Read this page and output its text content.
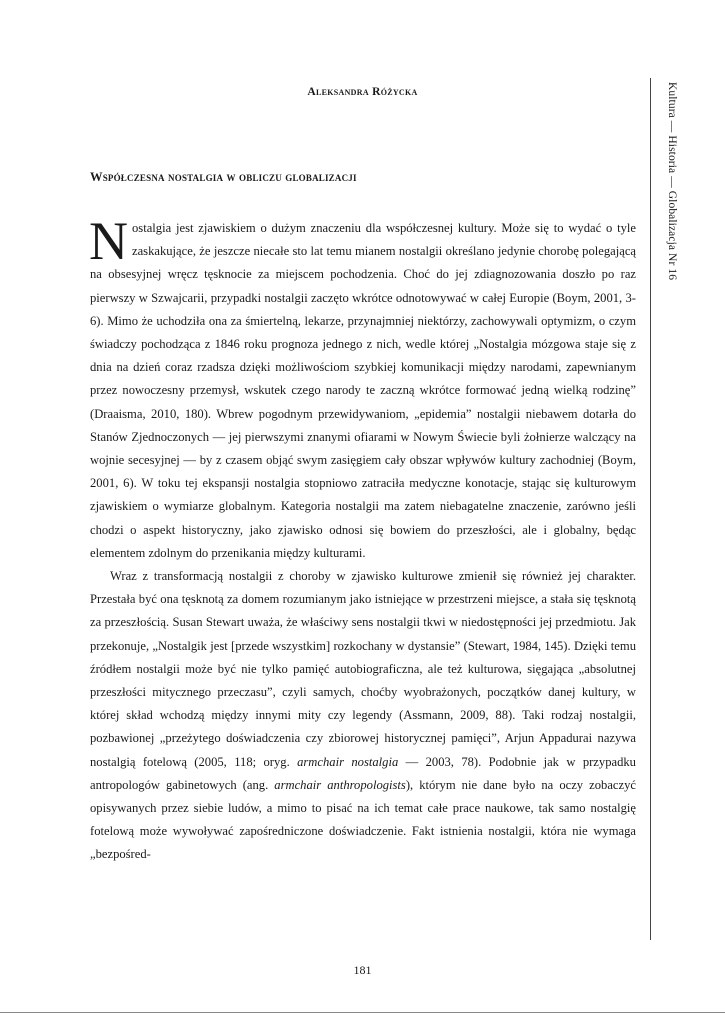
Aleksandra Różycka	Kultura — Historia — Globalizacja Nr 16
Współczesna nostalgia w obliczu globalizacji

Nostalgia jest zjawiskiem o dużym znaczeniu dla współczesnej kultury. Może się to wydać o tyle zaskakujące, że jeszcze niecałe sto lat temu mianem nostalgii określano jedynie chorobę polegającą na obsesyjnej wręcz tęsknocie za miejscem pochodzenia. Choć do jej zdiagnozowania doszło po raz pierwszy w Szwajcarii, przypadki nostalgii zaczęto wkrótce odnotowywać w całej Europie (Boym, 2001, 3-6). Mimo że uchodziła ona za śmiertelną, lekarze, przynajmniej niektórzy, zachowywali optymizm, o czym świadczy pochodząca z 1846 roku prognoza jednego z nich, wedle której „Nostalgia mózgowa staje się z dnia na dzień coraz rzadsza dzięki możliwościom szybkiej komunikacji między narodami, zapewnianym przez nowoczesny przemysł, wskutek czego narody te zaczną wkrótce formować jedną wielką rodzinę” (Draaisma, 2010, 180). Wbrew pogodnym przewidywaniom, „epidemia” nostalgii niebawem dotarła do Stanów Zjednoczonych — jej pierwszymi znanymi ofiarami w Nowym Świecie byli żołnierze walczący na wojnie secesyjnej — by z czasem objąć swym zasięgiem cały obszar wpływów kultury zachodniej (Boym, 2001, 6). W toku tej ekspansji nostalgia stopniowo zatraciła medyczne konotacje, stając się kulturowym zjawiskiem o wymiarze globalnym. Kategoria nostalgii ma zatem niebagatelne znaczenie, zarówno jeśli chodzi o aspekt historyczny, jako zjawisko odnosi się bowiem do przeszłości, ale i globalny, będąc elementem zdolnym do przenikania między kulturami.

Wraz z transformacją nostalgii z choroby w zjawisko kulturowe zmienił się również jej charakter. Przestała być ona tęsknotą za domem rozumianym jako istniejące w przestrzeni miejsce, a stała się tęsknotą za przeszłością. Susan Stewart uważa, że właściwy sens nostalgii tkwi w niedostępności jej przedmiotu. Jak przekonuje, „Nostalgik jest [przede wszystkim] rozkochany w dystansie” (Stewart, 1984, 145). Dzięki temu źródłem nostalgii może być nie tylko pamięć autobiograficzna, ale też kulturowa, sięgająca „absolutnej przeszłości mitycznego przeczasu”, czyli samych, choćby wyobrażonych, początków danej kultury, w której skład wchodzą między innymi mity czy legendy (Assmann, 2009, 88). Taki rodzaj nostalgii, pozbawionej „przeżytego doświadczenia czy zbiorowej historycznej pamięci”, Arjun Appadurai nazywa nostalgią fotelową (2005, 118; oryg. armchair nostalgia — 2003, 78). Podobnie jak w przypadku antropologów gabinetowych (ang. armchair anthropologists), którym nie dane było na oczy zobaczyć opisywanych przez siebie ludów, a mimo to pisać na ich temat całe prace naukowe, tak samo nostalgię fotelową może wywoływać zapośredniczone doświadczenie. Fakt istnienia nostalgii, która nie wymaga „bezpośred-

181
